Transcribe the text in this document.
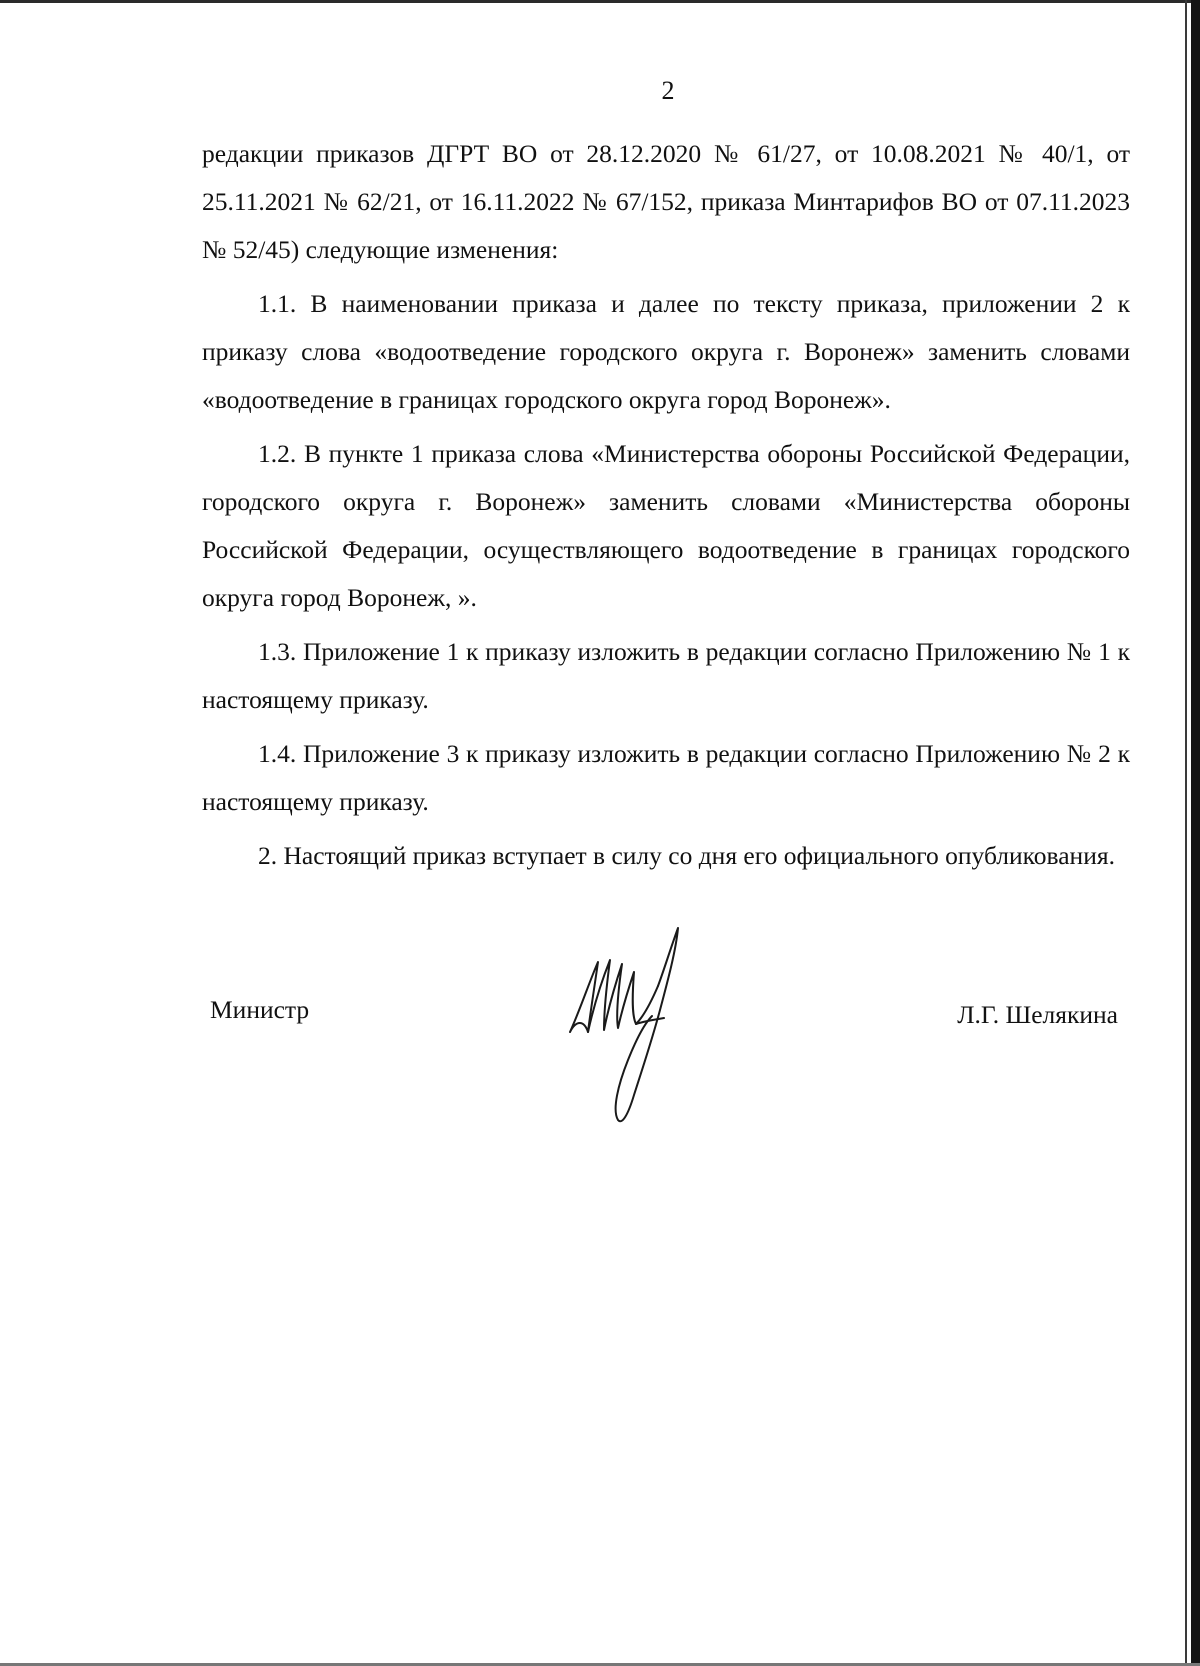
2

редакции приказов ДГРТ ВО от 28.12.2020 № 61/27, от 10.08.2021 № 40/1, от 25.11.2021 № 62/21, от 16.11.2022 № 67/152, приказа Минтарифов ВО от 07.11.2023 № 52/45) следующие изменения:

1.1. В наименовании приказа и далее по тексту приказа, приложении 2 к приказу слова «водоотведение городского округа г. Воронеж» заменить словами «водоотведение в границах городского округа город Воронеж».

1.2. В пункте 1 приказа слова «Министерства обороны Российской Федерации, городского округа г. Воронеж» заменить словами «Министерства обороны Российской Федерации, осуществляющего водоотведение в границах городского округа город Воронеж, ».

1.3. Приложение 1 к приказу изложить в редакции согласно Приложению № 1 к настоящему приказу.

1.4. Приложение 3 к приказу изложить в редакции согласно Приложению № 2 к настоящему приказу.

2. Настоящий приказ вступает в силу со дня его официального опубликования.

Министр	Л.Г. Шелякина
